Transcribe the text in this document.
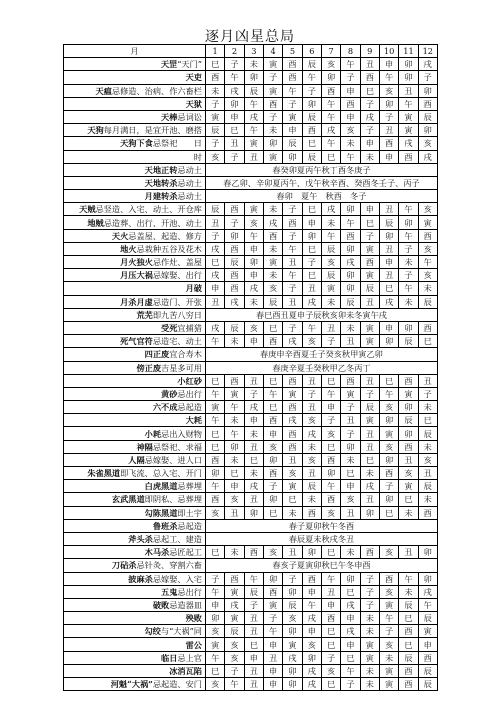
逐月凶星总局
月	1	2	3	4	5	6	7	8	9	10	11	12
天罡“天门”	巳	子	未	寅	酉	辰	亥	午	丑	申	卯	戌
天吏	酉	午	卯	子	酉	午	卯	子	酉	午	卯	子
天瘟忌修造、治病、作六畜栏	未	戌	辰	寅	午	子	酉	申	巳	亥	丑	卯
天狱	子	卯	午	酉	子	卯	午	酉	子	卯	午	酉
天棒忌词讼	寅	申	戌	子	寅	辰	午	申	戌	子	寅	辰
天狗每月满日，是宜开池、磨搭	辰	巳	午	未	申	酉	戌	亥	子	丑	寅	卯
天狗下食忌祭祀　　日	子	丑	寅	卯	辰	巳	午	未	申	酉	戌	亥
时	亥	子	丑	寅	卯	辰	巳	午	未	申	酉	戌
天地正转忌动土	春癸卯夏丙午秋丁酉冬庚子											
天地转杀忌动土	春乙卯、辛卯夏丙午、戊午秋辛酉、癸酉冬壬子、丙子											
月建转杀忌动土	春卯　夏午　秋酉　冬子											
天贼忌竖造、入宅、动土、开仓库	辰	酉	寅	未	子	巳	戌	卯	申	丑	午	亥
地贼忌造葬、出行、开池、动土	丑	子	亥	戌	酉	申	未	午	巳	辰	卯	寅
天火忌盖屋、起造、修方	子	卯	午	酉	子	卯	午	酉	子	卯	午	酉
地火忌栽种五谷及花木	戌	酉	申	未	午	巳	辰	卯	寅	丑	子	亥
月火独火忌作灶、盖屋	巳	辰	卯	寅	丑	子	亥	戌	酉	申	未	午
月压大祸忌嫁娶、出行	戌	酉	申	未	午	巳	辰	卯	寅	丑	子	亥
月破	申	酉	戌	亥	子	丑	寅	卯	辰	巳	午	未
月杀月虚忌造门、开张	丑	戌	未	辰	丑	戌	未	辰	丑	戌	未	辰
荒芜即九苦八穷日	春巳酉丑夏申子辰秋亥卯未冬寅午戌											
受死宜捕猎	戌	辰	亥	巳	子	午	丑	未	寅	申	卯	酉
死气官符忌造宅、动土	午	未	申	酉	戌	亥	子	丑	寅	卯	辰	巳
四正废宜合寿木	春庚申辛酉夏壬子癸亥秋甲寅乙卯											
傍正废吉星多可用	春庚辛夏壬癸秋甲乙冬丙丁											
小红砂	巳	酉	丑	巳	酉	丑	巳	酉	丑	巳	酉	丑
黄砂忌出行	午	寅	子	午	寅	子	午	寅	子	午	寅	子
六不成忌起造	寅	午	戌	巳	酉	丑	申	子	辰	亥	卯	未
大耗	午	未	申	酉	戌	亥	子	丑	寅	卯	辰	巳
小耗忌出入财物	巳	午	未	申	酉	戌	亥	子	丑	寅	卯	辰
神隔忌祭祀、求福	巳	卯	丑	亥	酉	未	巳	卯	丑	亥	酉	未
人隔忌嫁娶、进人口	酉	未	巳	卯	丑	亥	酉	未	巳	卯	丑	亥
朱雀黑道即飞流、总入宅、开门	卯	巳	未	酉	亥	丑	卯	巳	未	酉	亥	丑
白虎黑道忌葬埋	午	申	戌	子	寅	辰	午	申	戌	子	寅	辰
玄武黑道即阴私、忌葬埋	酉	亥	丑	卯	巳	未	酉	亥	丑	卯	巳	未
勾陈黑道即土宇	亥	丑	卯	巳	未	酉	亥	丑	卯	巳	未	酉
鲁班杀忌起造	春子夏卯秋午冬酉											
斧头杀忌起工、建造	春辰夏未秋戌冬丑											
木马杀忌匠起工	巳	未	酉	亥	丑	卯	巳	未	酉	亥	丑	卯
刀砧杀忌针灸、穿割六畜	春亥子夏寅卯秋巳午冬申酉											
披麻杀忌嫁娶、入宅	子	酉	午	卯	子	酉	午	卯	子	酉	午	卯
五鬼忌出行	午	寅	辰	酉	卯	申	丑	巳	子	亥	未	戌
破败忌造器皿	申	戌	子	寅	辰	午	申	戌	子	寅	辰	午
殃败	卯	寅	丑	子	亥	戌	酉	申	未	午	巳	辰
勾绞与“大祸”同	亥	辰	丑	午	卯	申	巳	戌	未	子	酉	寅
雷公	寅	亥	巳	申	寅	亥	巳	申	寅	亥	巳	申
临日忌上官	午	亥	申	丑	戌	卯	子	巳	寅	未	辰	酉
冰消瓦陷	巳	子	丑	申	卯	戌	亥	午	未	寅	酉	辰
河魁“大祸”忌起造、安门	亥	午	丑	申	卯	戌	巳	子	未	寅	酉	辰
